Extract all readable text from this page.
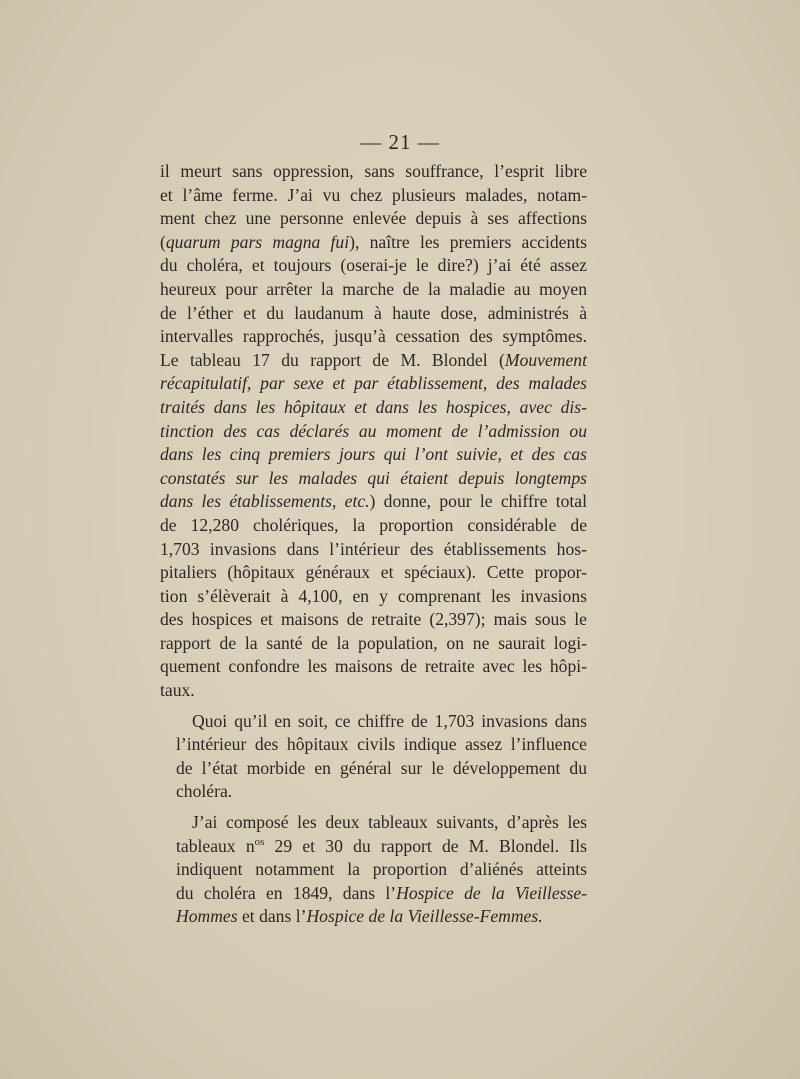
— 21 —
il meurt sans oppression, sans souffrance, l’esprit libre
et l’âme ferme. J’ai vu chez plusieurs malades, notam-
ment chez une personne enlevée depuis à ses affections
(quarum pars magna fui), naître les premiers accidents
du choléra, et toujours (oserai-je le dire?) j’ai été assez
heureux pour arrêter la marche de la maladie au moyen
de l’éther et du laudanum à haute dose, administrés à
intervalles rapprochés, jusqu’à cessation des symptômes.
Le tableau 17 du rapport de M. Blondel (Mouvement
récapitulatif, par sexe et par établissement, des malades
traités dans les hôpitaux et dans les hospices, avec dis-
tinction des cas déclarés au moment de l’admission ou
dans les cinq premiers jours qui l’ont suivie, et des cas
constatés sur les malades qui étaient depuis longtemps
dans les établissements, etc.) donne, pour le chiffre total
de 12,280 cholériques, la proportion considérable de
1,703 invasions dans l’intérieur des établissements hos-
pitaliers (hôpitaux généraux et spéciaux). Cette propor-
tion s’élèverait à 4,100, en y comprenant les invasions
des hospices et maisons de retraite (2,397); mais sous le
rapport de la santé de la population, on ne saurait logi-
quement confondre les maisons de retraite avec les hôpi-
taux.
Quoi qu’il en soit, ce chiffre de 1,703 invasions dans
l’intérieur des hôpitaux civils indique assez l’influence
de l’état morbide en général sur le développement du
choléra.
J’ai composé les deux tableaux suivants, d’après les
tableaux $n^{os}$ 29 et 30 du rapport de M. Blondel. Ils
indiquent notamment la proportion d’aliénés atteints
du choléra en 1849, dans l’Hospice de la Vieillesse-
Hommes et dans l’Hospice de la Vieillesse-Femmes.
